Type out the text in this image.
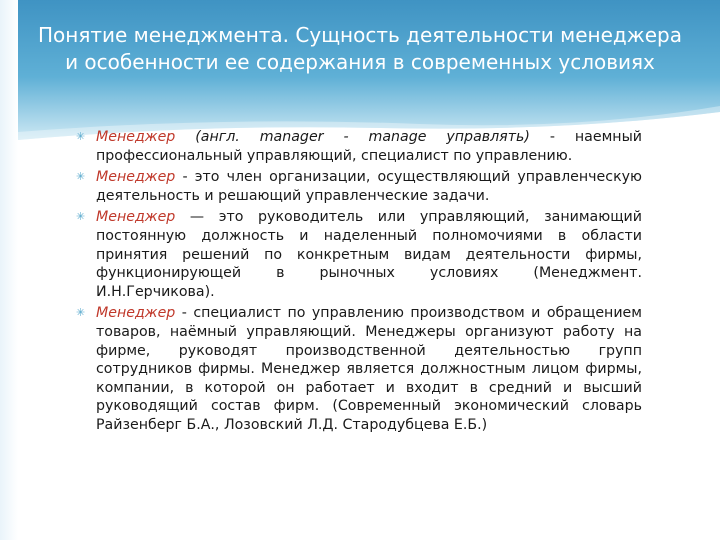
Понятие менеджмента. Сущность деятельности менеджера и особенности ее содержания в современных условиях
✳ Менеджер (англ. manager - manage управлять) - наемный профессиональный управляющий, специалист по управлению.
✳ Менеджер - это член организации, осуществляющий управленческую деятельность и решающий управленческие задачи.
✳ Менеджер — это руководитель или управляющий, занимающий постоянную должность и наделенный полномочиями в области принятия решений по конкретным видам деятельности фирмы, функционирующей в рыночных условиях (Менеджмент. И.Н.Герчикова).
✳ Менеджер - специалист по управлению производством и обращением товаров, наёмный управляющий. Менеджеры организуют работу на фирме, руководят производственной деятельностью групп сотрудников фирмы. Менеджер является должностным лицом фирмы, компании, в которой он работает и входит в средний и высший руководящий состав фирм. (Современный экономический словарь Райзенберг Б.А., Лозовский Л.Д. Стародубцева Е.Б.)
